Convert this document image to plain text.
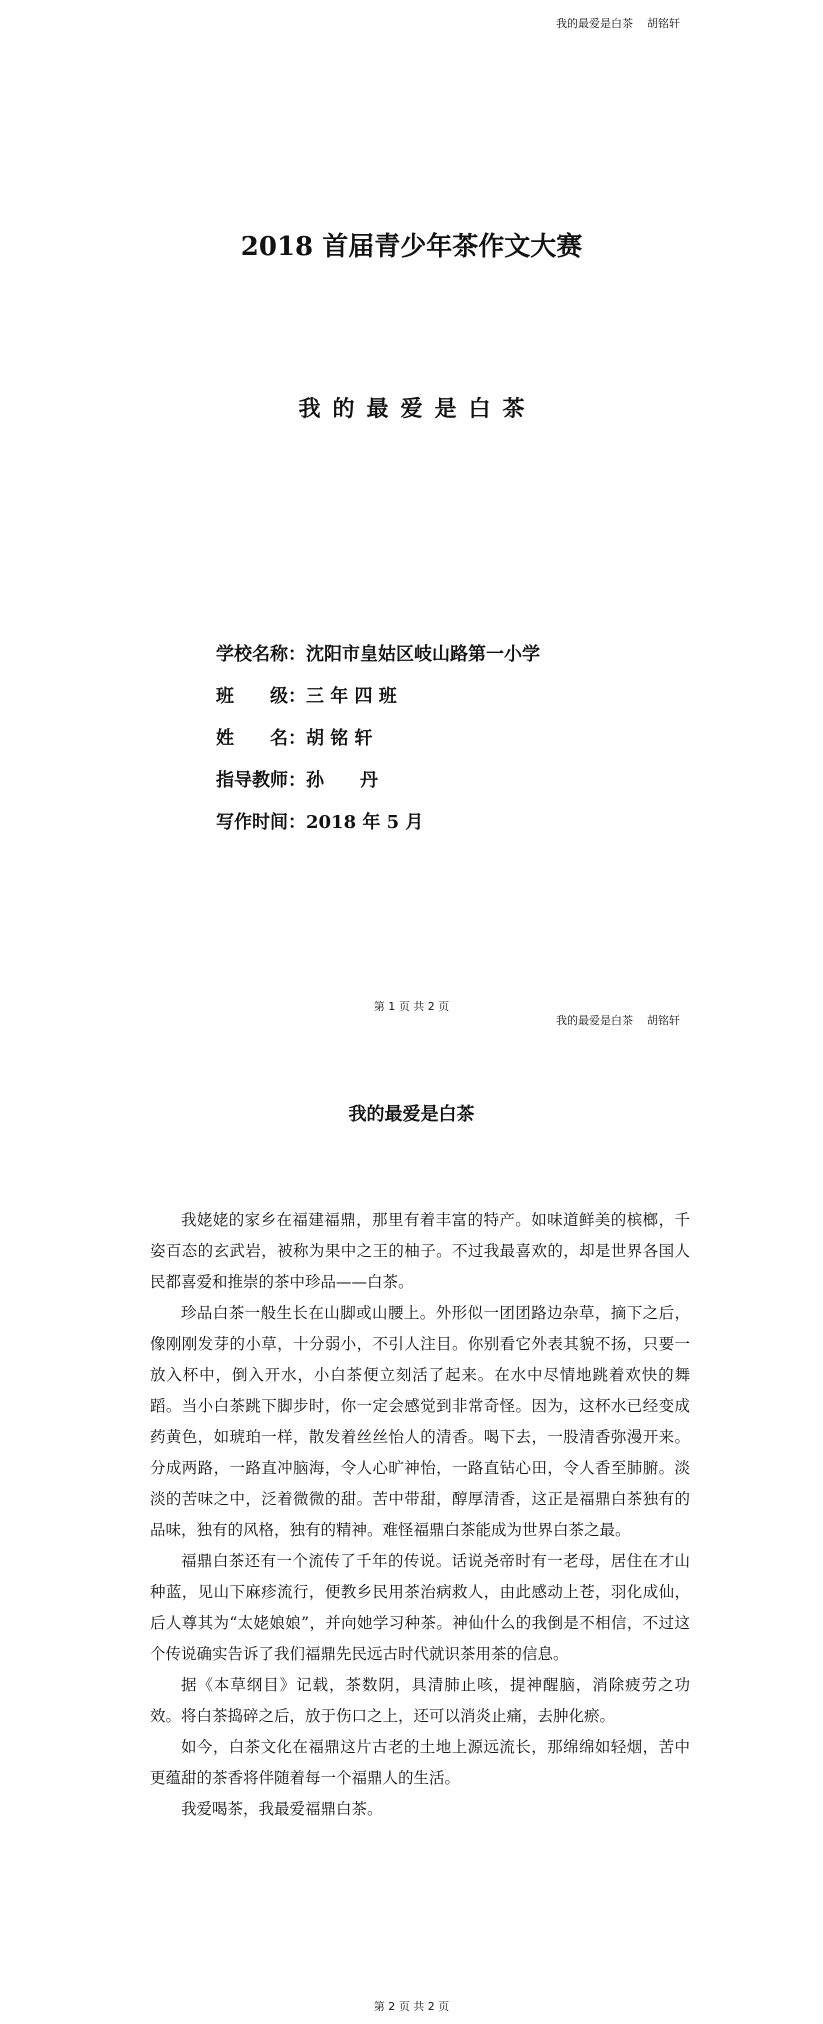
我的最爱是白茶 胡铭轩
2018 首届青少年茶作文大赛
我的最爱是白茶
学校名称：沈阳市皇姑区岐山路第一小学
班　　级：三 年 四 班
姓　　名：胡 铭 轩
指导教师：孙　　丹
写作时间：2018 年 5 月
第 1 页 共 2 页
我的最爱是白茶 胡铭轩
我的最爱是白茶

我姥姥的家乡在福建福鼎，那里有着丰富的特产。如味道鲜美的槟榔，千姿百态的玄武岩，被称为果中之王的柚子。不过我最喜欢的，却是世界各国人民都喜爱和推崇的茶中珍品——白茶。

珍品白茶一般生长在山脚或山腰上。外形似一团团路边杂草，摘下之后，像刚刚发芽的小草，十分弱小，不引人注目。你别看它外表其貌不扬，只要一放入杯中，倒入开水，小白茶便立刻活了起来。在水中尽情地跳着欢快的舞蹈。当小白茶跳下脚步时，你一定会感觉到非常奇怪。因为，这杯水已经变成药黄色，如琥珀一样，散发着丝丝怡人的清香。喝下去，一股清香弥漫开来。分成两路，一路直冲脑海，令人心旷神怡，一路直钻心田，令人香至肺腑。淡淡的苦味之中，泛着微微的甜。苦中带甜，醇厚清香，这正是福鼎白茶独有的品味，独有的风格，独有的精神。难怪福鼎白茶能成为世界白茶之最。

福鼎白茶还有一个流传了千年的传说。话说尧帝时有一老母，居住在才山种蓝，见山下麻疹流行，便教乡民用茶治病救人，由此感动上苍，羽化成仙，后人尊其为“太姥娘娘”，并向她学习种茶。神仙什么的我倒是不相信，不过这个传说确实告诉了我们福鼎先民远古时代就识茶用茶的信息。

据《本草纲目》记载，茶数阴，具清肺止咳，提神醒脑，消除疲劳之功效。将白茶捣碎之后，放于伤口之上，还可以消炎止痛，去肿化瘀。

如今，白茶文化在福鼎这片古老的土地上源远流长，那绵绵如轻烟，苦中更蕴甜的茶香将伴随着每一个福鼎人的生活。

我爱喝茶，我最爱福鼎白茶。

第 2 页 共 2 页
